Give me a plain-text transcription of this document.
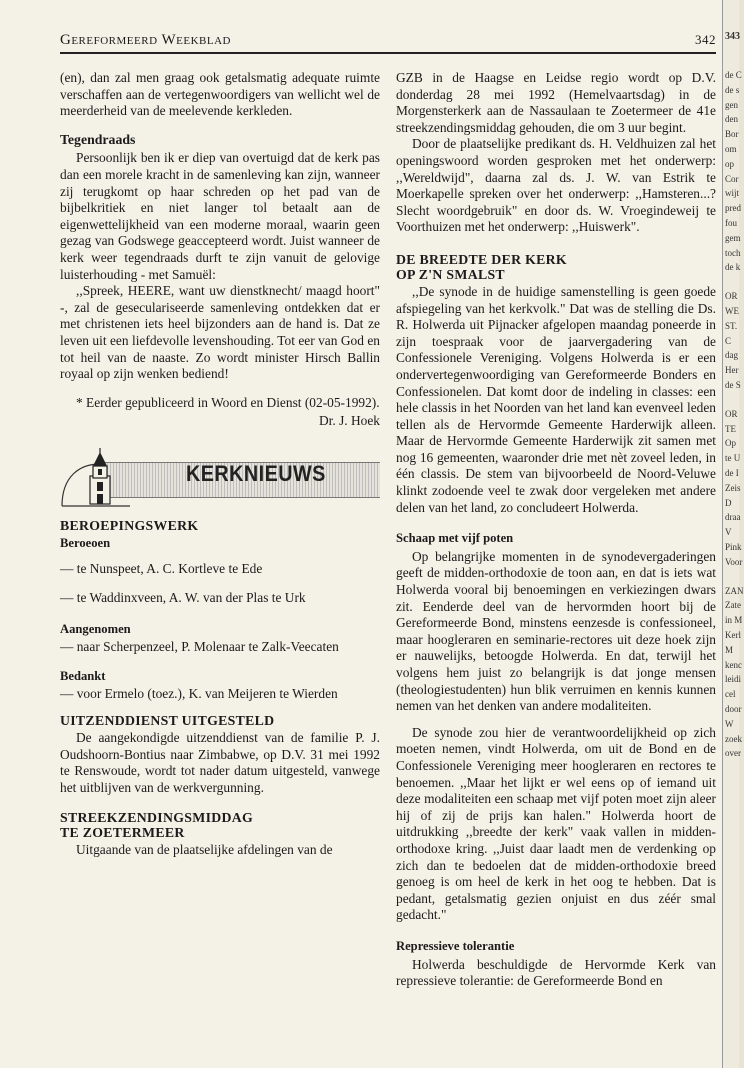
Gereformeerd Weekblad	342

(en), dan zal men graag ook getalsmatig adequate ruimte verschaffen aan de vertegenwoordigers van wellicht wel de meerderheid van de meelevende kerkleden.

Tegendraads

Persoonlijk ben ik er diep van overtuigd dat de kerk pas dan een morele kracht in de samenleving kan zijn, wanneer zij terugkomt op haar schreden op het pad van de bijbelkritiek en niet langer tol betaalt aan de eigenwettelijkheid van een moderne moraal, waarin geen gezag van Godswege geaccepteerd wordt. Juist wanneer de kerk weer tegendraads durft te zijn vanuit de gelovige luisterhouding - met Samuël:

,,Spreek, HEERE, want uw dienstknecht/ maagd hoort" -, zal de geseculariseerde samenleving ontdekken dat er met christenen iets heel bijzonders aan de hand is. Dat ze leven uit een liefdevolle levenshouding. Tot eer van God en tot heil van de naaste. Zo wordt minister Hirsch Ballin royaal op zijn wenken bediend!

* Eerder gepubliceerd in Woord en Dienst (02-05-1992).

Dr. J. Hoek
KERKNIEUWS
BEROEPINGSWERK
Beroeoen

— te Nunspeet, A. C. Kortleve te Ede

— te Waddinxveen, A. W. van der Plas te Urk

Aangenomen

— naar Scherpenzeel, P. Molenaar te Zalk-Veecaten

Bedankt

— voor Ermelo (toez.), K. van Meijeren te Wierden

UITZENDDIENST UITGESTELD

De aangekondigde uitzenddienst van de familie P. J. Oudshoorn-Bontius naar Zimbabwe, op D.V. 31 mei 1992 te Renswoude, wordt tot nader datum uitgesteld, vanwege het uitblijven van de werkvergunning.

STREEKZENDINGSMIDDAG
TE ZOETERMEER

Uitgaande van de plaatselijke afdelingen van de

GZB in de Haagse en Leidse regio wordt op D.V. donderdag 28 mei 1992 (Hemelvaartsdag) in de Morgensterkerk aan de Nassaulaan te Zoetermeer de 41e streekzendingsmiddag gehouden, die om 3 uur begint.

Door de plaatselijke predikant ds. H. Veldhuizen zal het openingswoord worden gesproken met het onderwerp: ,,Wereldwijd", daarna zal ds. J. W. van Estrik te Moerkapelle spreken over het onderwerp: ,,Hamsteren...? Slecht woordgebruik" en door ds. W. Vroegindeweij te Voorthuizen met het onderwerp: ,,Huiswerk".

DE BREEDTE DER KERK
OP Z'N SMALST

,,De synode in de huidige samenstelling is geen goede afspiegeling van het kerkvolk." Dat was de stelling die Ds. R. Holwerda uit Pijnacker afgelopen maandag poneerde in zijn toespraak voor de jaarvergadering van de Confessionele Vereniging. Volgens Holwerda is er een ondervertegenwoordiging van Gereformeerde Bonders en Confessionelen. Dat komt door de indeling in classes: een hele classis in het Noorden van het land kan evenveel leden tellen als de Hervormde Gemeente Harderwijk alleen. Maar de Hervormde Gemeente Harderwijk zit samen met nog 16 gemeenten, waaronder drie met nèt zoveel leden, in één classis. De stem van bijvoorbeeld de Noord-Veluwe klinkt zodoende veel te zwak door vergeleken met andere delen van het land, zo concludeert Holwerda.

Schaap met vijf poten

Op belangrijke momenten in de synodevergaderingen geeft de midden-orthodoxie de toon aan, en dat is iets wat Holwerda vooral bij benoemingen en verkiezingen dwars zit. Eenderde deel van de hervormden hoort bij de Gereformeerde Bond, minstens eenzesde is confessioneel, maar hoogleraren en seminarie-rectores uit deze hoek zijn er nauwelijks, betoogde Holwerda. En dat, terwijl het volgens hem juist zo belangrijk is dat jonge mensen (theologiestudenten) hun blik verruimen en kennis kunnen nemen van het denken van andere modaliteiten.

De synode zou hier de verantwoordelijkheid op zich moeten nemen, vindt Holwerda, om uit de Bond en de Confessionele Vereniging meer hoogleraren en rectores te benoemen. ,,Maar het lijkt er wel eens op of iemand uit deze modaliteiten een schaap met vijf poten moet zijn aleer hij of zij de prijs kan halen." Holwerda hoort de uitdrukking ,,breedte der kerk" vaak vallen in midden-orthodoxe kring. ,,Juist daar laadt men de verdenking op zich dan te bedoelen dat de midden-orthodoxie breed genoeg is om heel de kerk in het oog te hebben. Dat is pedant, getalsmatig gezien onjuist en dus zéér smal gedacht."

Repressieve tolerantie

Holwerda beschuldigde de Hervormde Kerk van repressieve tolerantie: de Gereformeerde Bond en

343
de C
de s
gen
den
Bor
om
op
Cor
wijt
pred
fou
gem
toch
de k
OR
WE
ST.
C
dag
Her
de S
OR
TE
Op
te U
de I
Zeis
D
draa
V
Pink
Voor
ZAN
Zate
in M
Kerl
M
kenc
leidi
cel
door
W
zoek
over
